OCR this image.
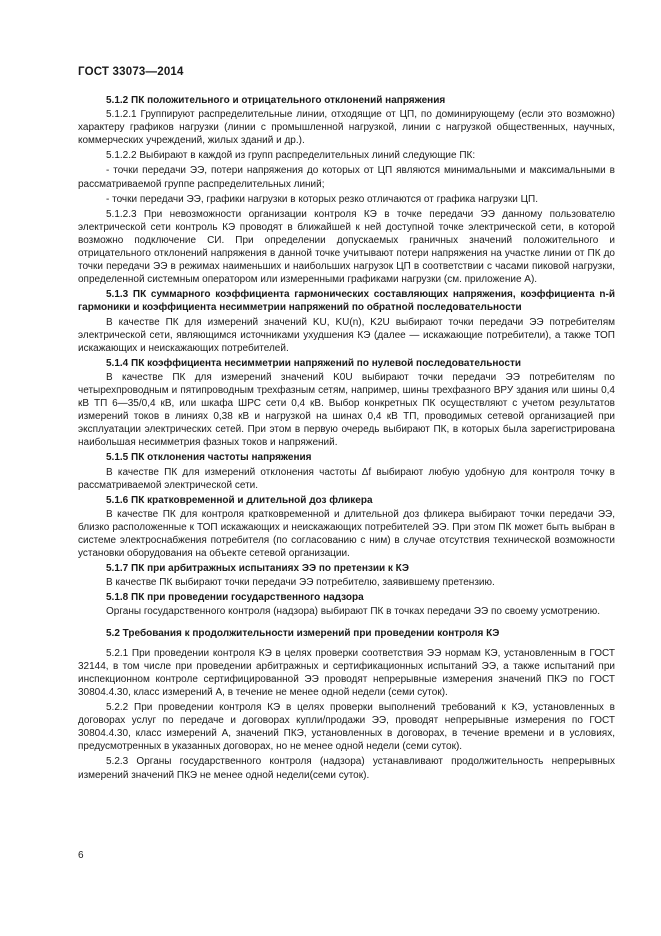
ГОСТ 33073—2014
5.1.2 ПК положительного и отрицательного отклонений напряжения
5.1.2.1 Группируют распределительные линии, отходящие от ЦП, по доминирующему (если это возможно) характеру графиков нагрузки (линии с промышленной нагрузкой, линии с нагрузкой общественных, научных, коммерческих учреждений, жилых зданий и др.).
5.1.2.2 Выбирают в каждой из групп распределительных линий следующие ПК:
- точки передачи ЭЭ, потери напряжения до которых от ЦП являются минимальными и максимальными в рассматриваемой группе распределительных линий;
- точки передачи ЭЭ, графики нагрузки в которых резко отличаются от графика нагрузки ЦП.
5.1.2.3 При невозможности организации контроля КЭ в точке передачи ЭЭ данному пользователю электрической сети контроль КЭ проводят в ближайшей к ней доступной точке электрической сети, в которой возможно подключение СИ. При определении допускаемых граничных значений положительного и отрицательного отклонений напряжения в данной точке учитывают потери напряжения на участке линии от ПК до точки передачи ЭЭ в режимах наименьших и наибольших нагрузок ЦП в соответствии с часами пиковой нагрузки, определенной системным оператором или измеренными графиками нагрузки (см. приложение А).
5.1.3 ПК суммарного коэффициента гармонических составляющих напряжения, коэффициента n-й гармоники и коэффициента несимметрии напряжений по обратной последовательности
В качестве ПК для измерений значений KU, KU(n), K2U выбирают точки передачи ЭЭ потребителям электрической сети, являющимся источниками ухудшения КЭ (далее — искажающие потребители), а также ТОП искажающих и неискажающих потребителей.
5.1.4 ПК коэффициента несимметрии напряжений по нулевой последовательности
В качестве ПК для измерений значений K0U выбирают точки передачи ЭЭ потребителям по четырехпроводным и пятипроводным трехфазным сетям, например, шины трехфазного ВРУ здания или шины 0,4 кВ ТП 6—35/0,4 кВ, или шкафа ШРС сети 0,4 кВ. Выбор конкретных ПК осуществляют с учетом результатов измерений токов в линиях 0,38 кВ и нагрузкой на шинах 0,4 кВ ТП, проводимых сетевой организацией при эксплуатации электрических сетей. При этом в первую очередь выбирают ПК, в которых была зарегистрирована наибольшая несимметрия фазных токов и напряжений.
5.1.5 ПК отклонения частоты напряжения
В качестве ПК для измерений отклонения частоты Δf выбирают любую удобную для контроля точку в рассматриваемой электрической сети.
5.1.6 ПК кратковременной и длительной доз фликера
В качестве ПК для контроля кратковременной и длительной доз фликера выбирают точки передачи ЭЭ, близко расположенные к ТОП искажающих и неискажающих потребителей ЭЭ. При этом ПК может быть выбран в системе электроснабжения потребителя (по согласованию с ним) в случае отсутствия технической возможности установки оборудования на объекте сетевой организации.
5.1.7 ПК при арбитражных испытаниях ЭЭ по претензии к КЭ
В качестве ПК выбирают точки передачи ЭЭ потребителю, заявившему претензию.
5.1.8 ПК при проведении государственного надзора
Органы государственного контроля (надзора) выбирают ПК в точках передачи ЭЭ по своему усмотрению.
5.2 Требования к продолжительности измерений при проведении контроля КЭ
5.2.1 При проведении контроля КЭ в целях проверки соответствия ЭЭ нормам КЭ, установленным в ГОСТ 32144, в том числе при проведении арбитражных и сертификационных испытаний ЭЭ, а также испытаний при инспекционном контроле сертифицированной ЭЭ проводят непрерывные измерения значений ПКЭ по ГОСТ 30804.4.30, класс измерений А, в течение не менее одной недели (семи суток).
5.2.2 При проведении контроля КЭ в целях проверки выполнений требований к КЭ, установленных в договорах услуг по передаче и договорах купли/продажи ЭЭ, проводят непрерывные измерения по ГОСТ 30804.4.30, класс измерений А, значений ПКЭ, установленных в договорах, в течение времени и в условиях, предусмотренных в указанных договорах, но не менее одной недели (семи суток).
5.2.3 Органы государственного контроля (надзора) устанавливают продолжительность непрерывных измерений значений ПКЭ не менее одной недели(семи суток).
6
